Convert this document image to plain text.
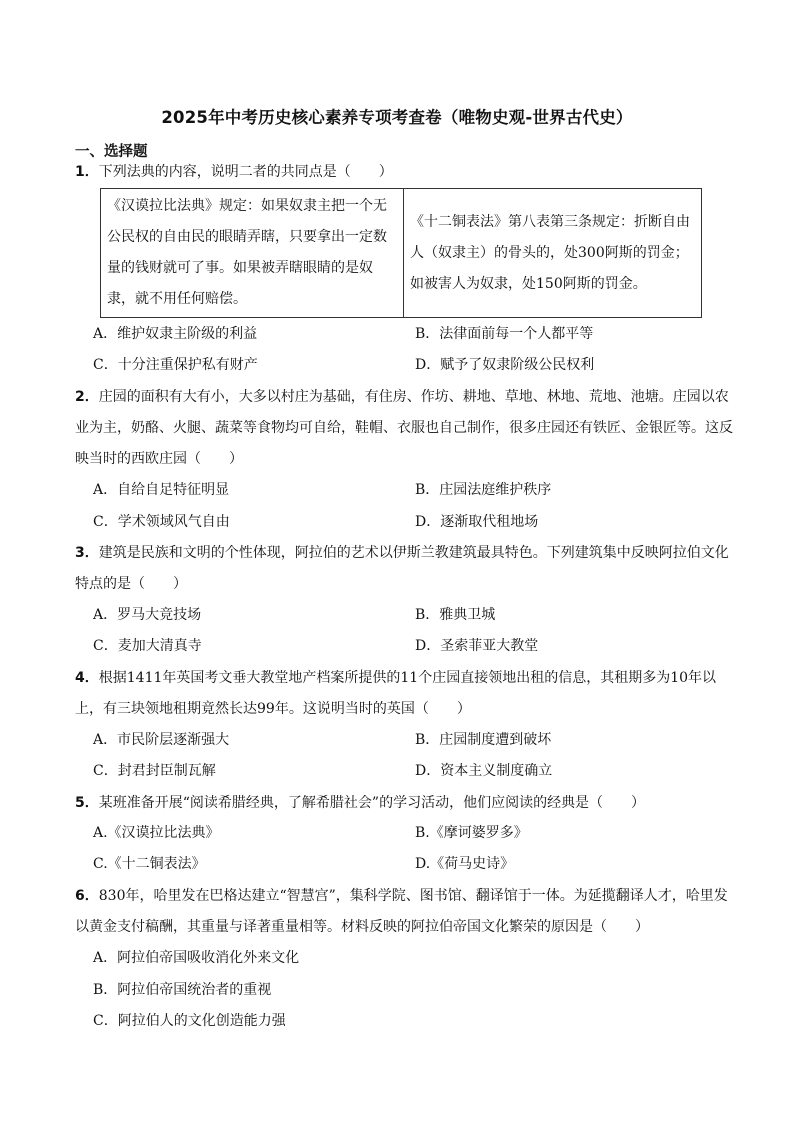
2025年中考历史核心素养专项考查卷（唯物史观-世界古代史）
一、选择题
1．下列法典的内容，说明二者的共同点是（　　）
《汉谟拉比法典》规定：如果奴隶主把一个无公民权的自由民的眼睛弄瞎，只要拿出一定数量的钱财就可了事。如果被弄瞎眼睛的是奴隶，就不用任何赔偿。	《十二铜表法》第八表第三条规定：折断自由人（奴隶主）的骨头的，处300阿斯的罚金；如被害人为奴隶，处150阿斯的罚金。
A．维护奴隶主阶级的利益	B．法律面前每一个人都平等
C．十分注重保护私有财产	D．赋予了奴隶阶级公民权利
2．庄园的面积有大有小，大多以村庄为基础，有住房、作坊、耕地、草地、林地、荒地、池塘。庄园以农业为主，奶酪、火腿、蔬菜等食物均可自给，鞋帽、衣服也自己制作，很多庄园还有铁匠、金银匠等。这反映当时的西欧庄园（　　）
A．自给自足特征明显	B．庄园法庭维护秩序
C．学术领域风气自由	D．逐渐取代租地场
3．建筑是民族和文明的个性体现，阿拉伯的艺术以伊斯兰教建筑最具特色。下列建筑集中反映阿拉伯文化特点的是（　　）
A．罗马大竞技场	B．雅典卫城
C．麦加大清真寺	D．圣索菲亚大教堂
4．根据1411年英国考文垂大教堂地产档案所提供的11个庄园直接领地出租的信息，其租期多为10年以上，有三块领地租期竟然长达99年。这说明当时的英国（　　）
A．市民阶层逐渐强大	B．庄园制度遭到破坏
C．封君封臣制瓦解	D．资本主义制度确立
5．某班准备开展“阅读希腊经典，了解希腊社会”的学习活动，他们应阅读的经典是（　　）
A.《汉谟拉比法典》	B.《摩诃婆罗多》
C.《十二铜表法》	D.《荷马史诗》
6．830年，哈里发在巴格达建立“智慧宫”，集科学院、图书馆、翻译馆于一体。为延揽翻译人才，哈里发以黄金支付稿酬，其重量与译著重量相等。材料反映的阿拉伯帝国文化繁荣的原因是（　　）
A．阿拉伯帝国吸收消化外来文化
B．阿拉伯帝国统治者的重视
C．阿拉伯人的文化创造能力强
